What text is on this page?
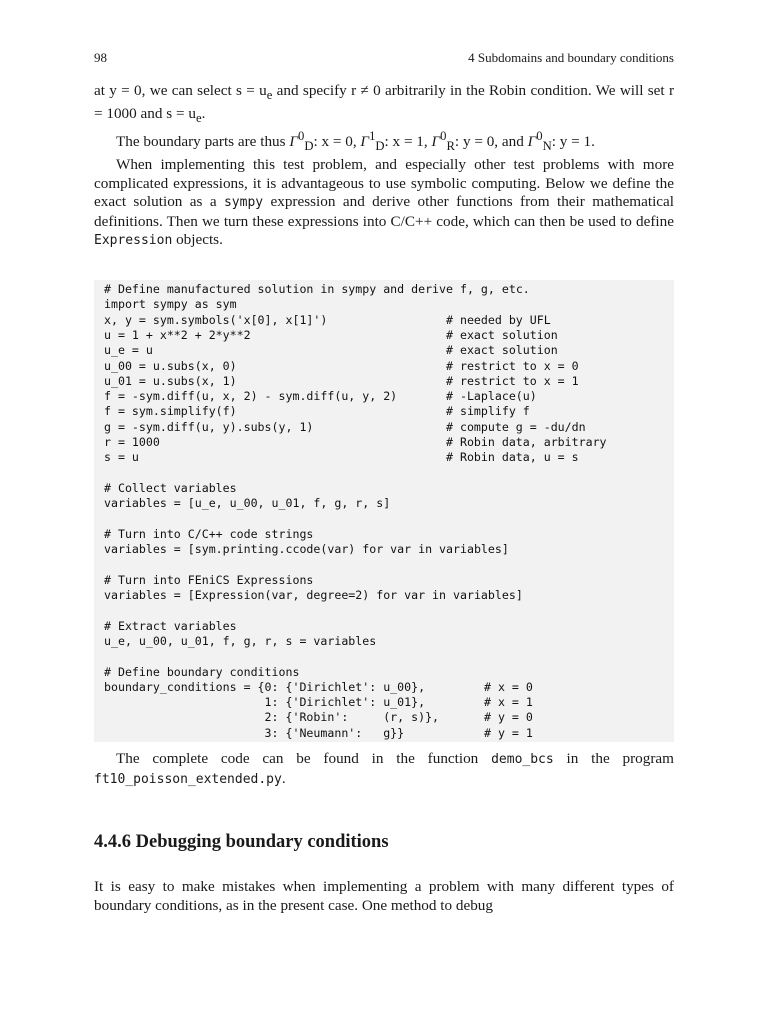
98	4 Subdomains and boundary conditions

at y = 0, we can select $s = u_e$ and specify r ≠ 0 arbitrarily in the Robin condition. We will set r = 1000 and $s = u_e$.

The boundary parts are thus $\Gamma^0_D$: x = 0, $\Gamma^1_D$: x = 1, $\Gamma^0_R$: y = 0, and $\Gamma^0_N$: y = 1.

When implementing this test problem, and especially other test problems with more complicated expressions, it is advantageous to use symbolic computing. Below we define the exact solution as a sympy expression and derive other functions from their mathematical definitions. Then we turn these expressions into C/C++ code, which can then be used to define Expression objects.

# Define manufactured solution in sympy and derive f, g, etc.
import sympy as sym
x, y = sym.symbols('x[0], x[1]')	# needed by UFL
u = 1 + x**2 + 2*y**2	# exact solution
u_e = u	# exact solution
u_00 = u.subs(x, 0)	# restrict to x = 0
u_01 = u.subs(x, 1)	# restrict to x = 1
f = -sym.diff(u, x, 2) - sym.diff(u, y, 2)	# -Laplace(u)
f = sym.simplify(f)	# simplify f
g = -sym.diff(u, y).subs(y, 1)	# compute g = -du/dn
r = 1000	# Robin data, arbitrary
s = u	# Robin data, u = s
# Collect variables
variables = [u_e, u_00, u_01, f, g, r, s]
# Turn into C/C++ code strings
variables = [sym.printing.ccode(var) for var in variables]
# Turn into FEniCS Expressions
variables = [Expression(var, degree=2) for var in variables]
# Extract variables
u_e, u_00, u_01, f, g, r, s = variables
# Define boundary conditions
boundary_conditions = {0: {'Dirichlet': u_00},	# x = 0
1: {'Dirichlet': u_01},	# x = 1
2: {'Robin':     (r, s)},	# y = 0
3: {'Neumann':   g}}	# y = 1

The complete code can be found in the function demo_bcs in the program ft10_poisson_extended.py.

4.4.6 Debugging boundary conditions

It is easy to make mistakes when implementing a problem with many different types of boundary conditions, as in the present case. One method to debug
